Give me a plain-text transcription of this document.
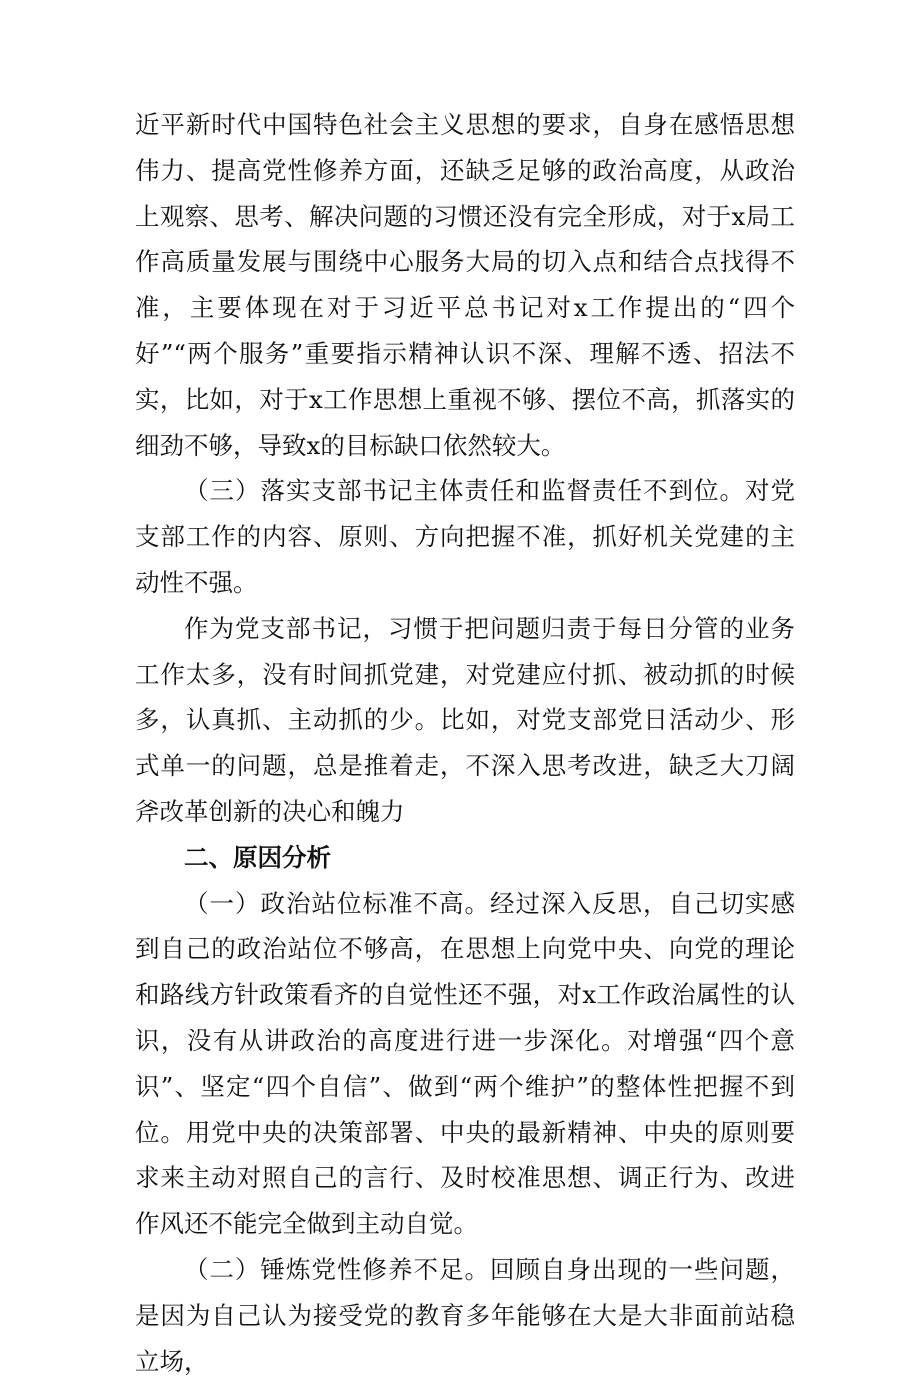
近平新时代中国特色社会主义思想的要求，自身在感悟思想伟力、提高党性修养方面，还缺乏足够的政治高度，从政治上观察、思考、解决问题的习惯还没有完全形成，对于x局工作高质量发展与围绕中心服务大局的切入点和结合点找得不准，主要体现在对于习近平总书记对x工作提出的“四个好”“两个服务”重要指示精神认识不深、理解不透、招法不实，比如，对于x工作思想上重视不够、摆位不高，抓落实的细劲不够，导致x的目标缺口依然较大。

（三）落实支部书记主体责任和监督责任不到位。对党支部工作的内容、原则、方向把握不准，抓好机关党建的主动性不强。

作为党支部书记，习惯于把问题归责于每日分管的业务工作太多，没有时间抓党建，对党建应付抓、被动抓的时候多，认真抓、主动抓的少。比如，对党支部党日活动少、形式单一的问题，总是推着走，不深入思考改进，缺乏大刀阔斧改革创新的决心和魄力

二、原因分析

（一）政治站位标准不高。经过深入反思，自己切实感到自己的政治站位不够高，在思想上向党中央、向党的理论和路线方针政策看齐的自觉性还不强，对x工作政治属性的认识，没有从讲政治的高度进行进一步深化。对增强“四个意识”、坚定“四个自信”、做到“两个维护”的整体性把握不到位。用党中央的决策部署、中央的最新精神、中央的原则要求来主动对照自己的言行、及时校准思想、调正行为、改进作风还不能完全做到主动自觉。

（二）锤炼党性修养不足。回顾自身出现的一些问题，是因为自己认为接受党的教育多年能够在大是大非面前站稳立场，
